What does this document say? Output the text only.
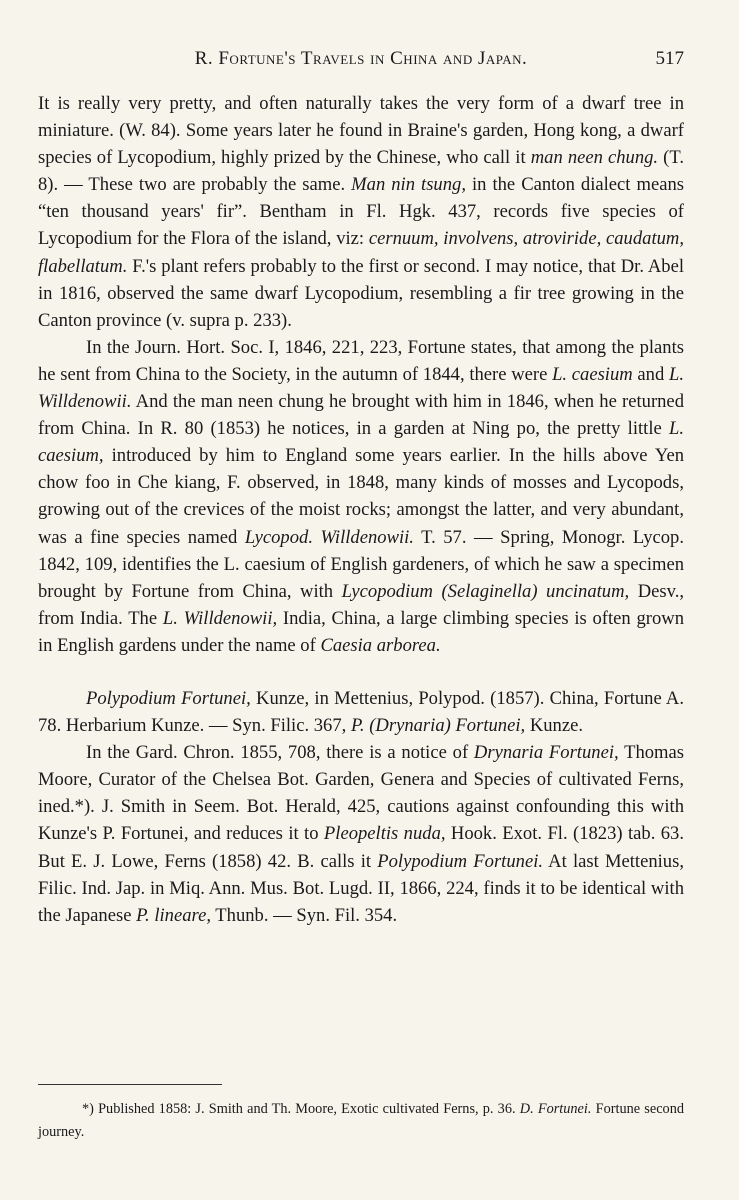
R. Fortune's Travels in China and Japan.	517

It is really very pretty, and often naturally takes the very form of a dwarf tree in miniature. (W. 84). Some years later he found in Braine's garden, Hong kong, a dwarf species of Lycopodium, highly prized by the Chinese, who call it man neen chung. (T. 8). — These two are probably the same. Man nin tsung, in the Canton dialect means “ten thousand years' fir”. Bentham in Fl. Hgk. 437, records five species of Lycopodium for the Flora of the island, viz: cernuum, involvens, atroviride, caudatum, flabellatum. F.'s plant refers probably to the first or second. I may notice, that Dr. Abel in 1816, observed the same dwarf Lycopodium, resembling a fir tree growing in the Canton province (v. supra p. 233).

In the Journ. Hort. Soc. I, 1846, 221, 223, Fortune states, that among the plants he sent from China to the Society, in the autumn of 1844, there were L. caesium and L. Willdenowii. And the man neen chung he brought with him in 1846, when he returned from China. In R. 80 (1853) he notices, in a garden at Ning po, the pretty little L. caesium, introduced by him to England some years earlier. In the hills above Yen chow foo in Che kiang, F. observed, in 1848, many kinds of mosses and Lycopods, growing out of the crevices of the moist rocks; amongst the latter, and very abundant, was a fine species named Lycopod. Willdenowii. T. 57. — Spring, Monogr. Lycop. 1842, 109, identifies the L. caesium of English gardeners, of which he saw a specimen brought by Fortune from China, with Lycopodium (Selaginella) uncinatum, Desv., from India. The L. Willdenowii, India, China, a large climbing species is often grown in English gardens under the name of Caesia arborea.

Polypodium Fortunei, Kunze, in Mettenius, Polypod. (1857). China, Fortune A. 78. Herbarium Kunze. — Syn. Filic. 367, P. (Drynaria) Fortunei, Kunze.

In the Gard. Chron. 1855, 708, there is a notice of Drynaria Fortunei, Thomas Moore, Curator of the Chelsea Bot. Garden, Genera and Species of cultivated Ferns, ined.*). J. Smith in Seem. Bot. Herald, 425, cautions against confounding this with Kunze's P. Fortunei, and reduces it to Pleopeltis nuda, Hook. Exot. Fl. (1823) tab. 63. But E. J. Lowe, Ferns (1858) 42. B. calls it Polypodium Fortunei. At last Mettenius, Filic. Ind. Jap. in Miq. Ann. Mus. Bot. Lugd. II, 1866, 224, finds it to be identical with the Japanese P. lineare, Thunb. — Syn. Fil. 354.

*) Published 1858: J. Smith and Th. Moore, Exotic cultivated Ferns, p. 36. D. Fortunei. Fortune second journey.
